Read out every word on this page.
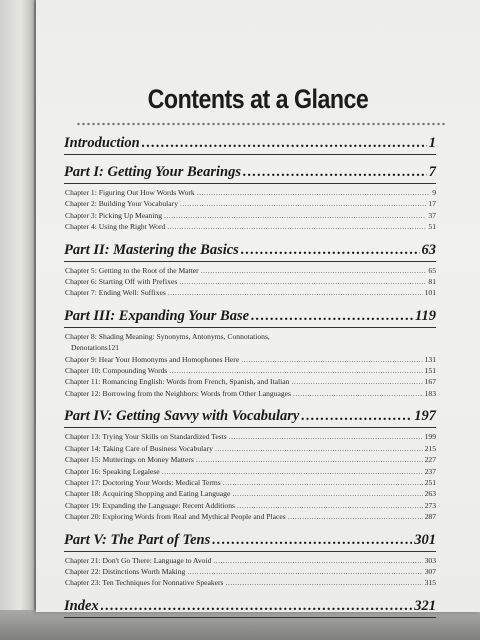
Contents at a Glance
Introduction .....	1
Part I: Getting Your Bearings .....	7
Chapter 1: Figuring Out How Words Work .....	9
Chapter 2: Building Your Vocabulary .....	17
Chapter 3: Picking Up Meaning .....	37
Chapter 4: Using the Right Word .....	51
Part II: Mastering the Basics .....	63
Chapter 5: Getting to the Root of the Matter .....	65
Chapter 6: Starting Off with Prefixes .....	81
Chapter 7: Ending Well: Suffixes .....	101
Part III: Expanding Your Base .....	119
Chapter 8: Shading Meaning: Synonyms, Antonyms, Connotations,
Denotations 121
Chapter 9: Hear Your Homonyms and Homophones Here .....	131
Chapter 10: Compounding Words .....	151
Chapter 11: Romancing English: Words from French, Spanish, and Italian .....	167
Chapter 12: Borrowing from the Neighbors: Words from Other Languages .....	183
Part IV: Getting Savvy with Vocabulary .....	197
Chapter 13: Trying Your Skills on Standardized Tests .....	199
Chapter 14: Taking Care of Business Vocabulary .....	215
Chapter 15: Mutterings on Money Matters .....	227
Chapter 16: Speaking Legalese .....	237
Chapter 17: Doctoring Your Words: Medical Terms .....	251
Chapter 18: Acquiring Shopping and Eating Language .....	263
Chapter 19: Expanding the Language: Recent Additions .....	273
Chapter 20: Exploring Words from Real and Mythical People and Places .....	287
Part V: The Part of Tens .....	301
Chapter 21: Don't Go There: Language to Avoid .....	303
Chapter 22: Distinctions Worth Making .....	307
Chapter 23: Ten Techniques for Nonnative Speakers .....	315
Index .....	321
